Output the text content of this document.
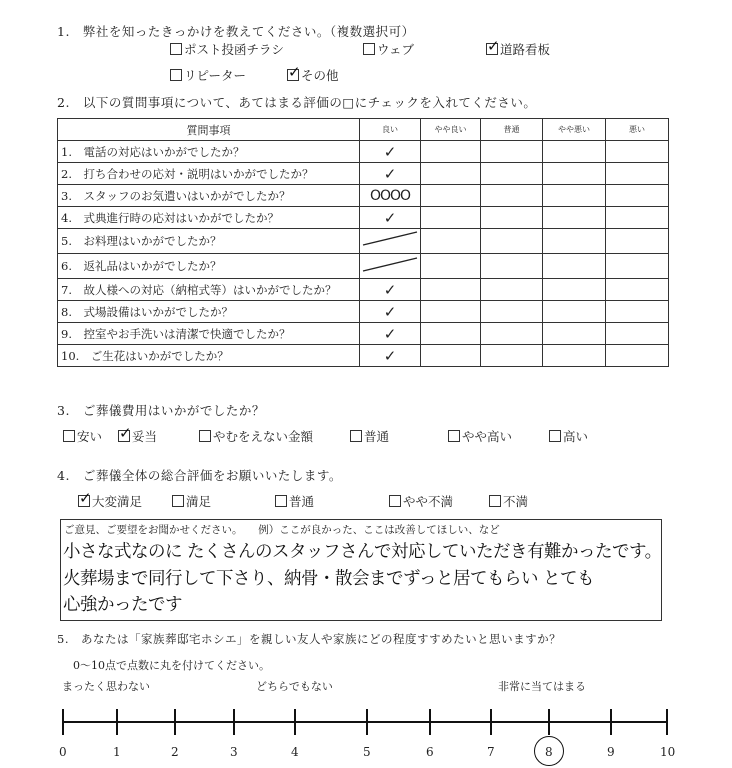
1.　弊社を知ったきっかけを教えてください。（複数選択可）
ポスト投函チラシ	ウェブ ✓	道路看板
リピーター ✓	その他
2.　以下の質問事項について、あてはまる評価の□にチェックを入れてください。
質問事項	良い	やや良い	普通	やや悪い	悪い
1.　電話の対応はいかがでしたか？	✓				
2.　打ち合わせの応対・説明はいかがでしたか？	✓				
3.　スタッフのお気遣いはいかがでしたか？	OOOO				
4.　式典進行時の応対はいかがでしたか？	✓				
5.　お料理はいかがでしたか？					
6.　返礼品はいかがでしたか？					
7.　故人様への対応（納棺式等）はいかがでしたか？	✓				
8.　式場設備はいかがでしたか？	✓				
9.　控室やお手洗いは清潔で快適でしたか？	✓				
10.　ご生花はいかがでしたか？	✓				
3.　ご葬儀費用はいかがでしたか？
安い ✓	妥当	やむをえない金額	普通	やや高い	高い
4.　ご葬儀全体の総合評価をお願いいたします。
✓大変満足	満足	普通	やや不満	不満
ご意見、ご要望をお聞かせください。　　例）ここが良かった、ここは改善してほしい、など
小さな式なのに たくさんのスタッフさんで対応していただき有難かったです。
火葬場まで同行して下さり、納骨・散会までずっと居てもらい とても
心強かったです
5.　あなたは「家族葬邸宅ホシエ」を親しい友人や家族にどの程度すすめたいと思いますか？
0〜10点で点数に丸を付けてください。
まったく思わない	どちらでもない	非常に当てはまる
0	1	2	3	4	5	6	7	8	9	10
